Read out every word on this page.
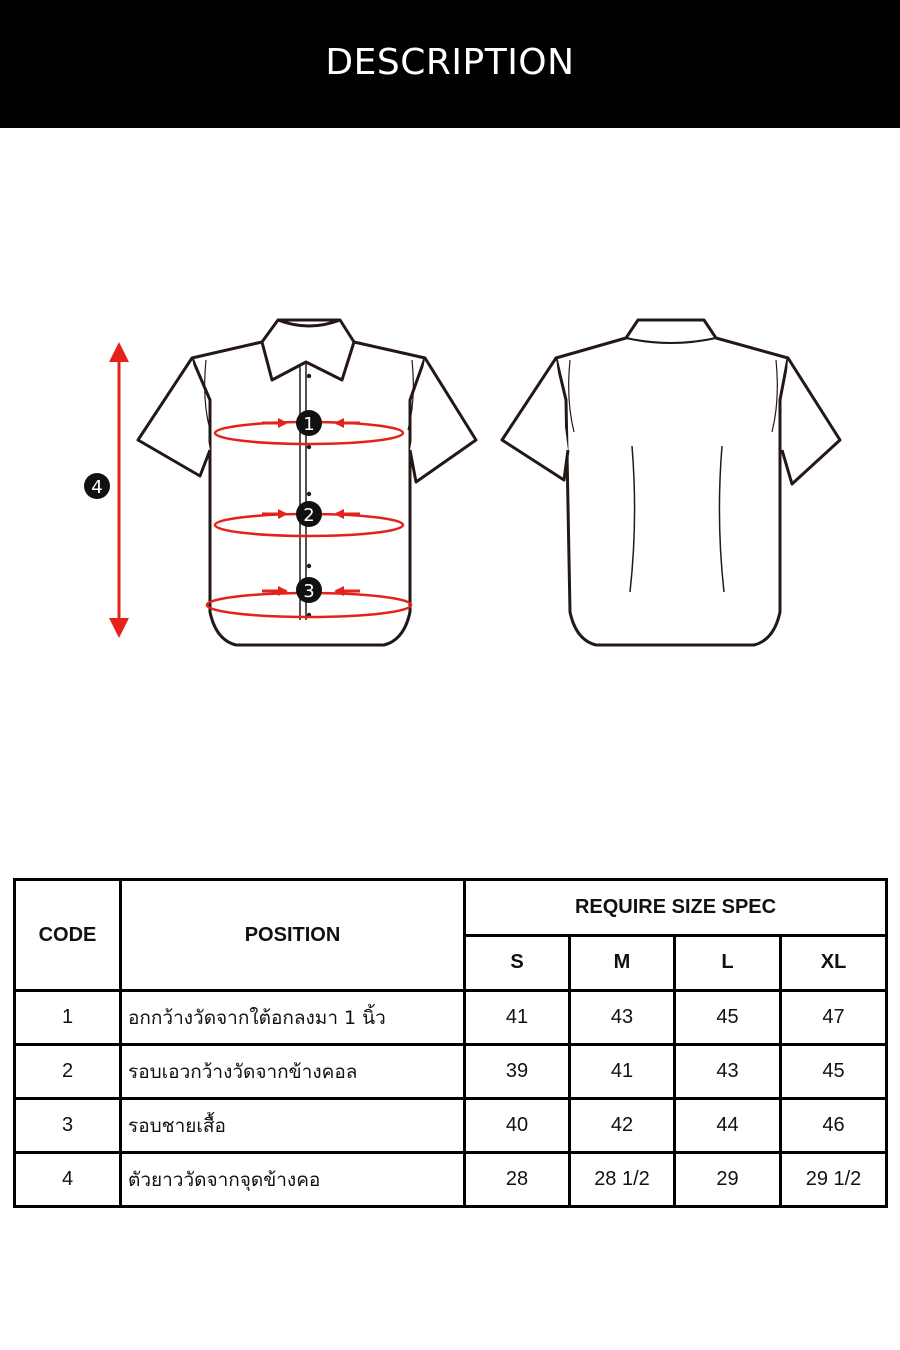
DESCRIPTION
1
2
3
4
CODE	POSITION	REQUIRE SIZE SPEC			
		S	M	L	XL
1	อกกว้างวัดจากใต้อกลงมา 1 นิ้ว	41	43	45	47
2	รอบเอวกว้างวัดจากข้างคอล	39	41	43	45
3	รอบชายเสื้อ	40	42	44	46
4	ตัวยาววัดจากจุดข้างคอ	28	28 1/2	29	29 1/2
